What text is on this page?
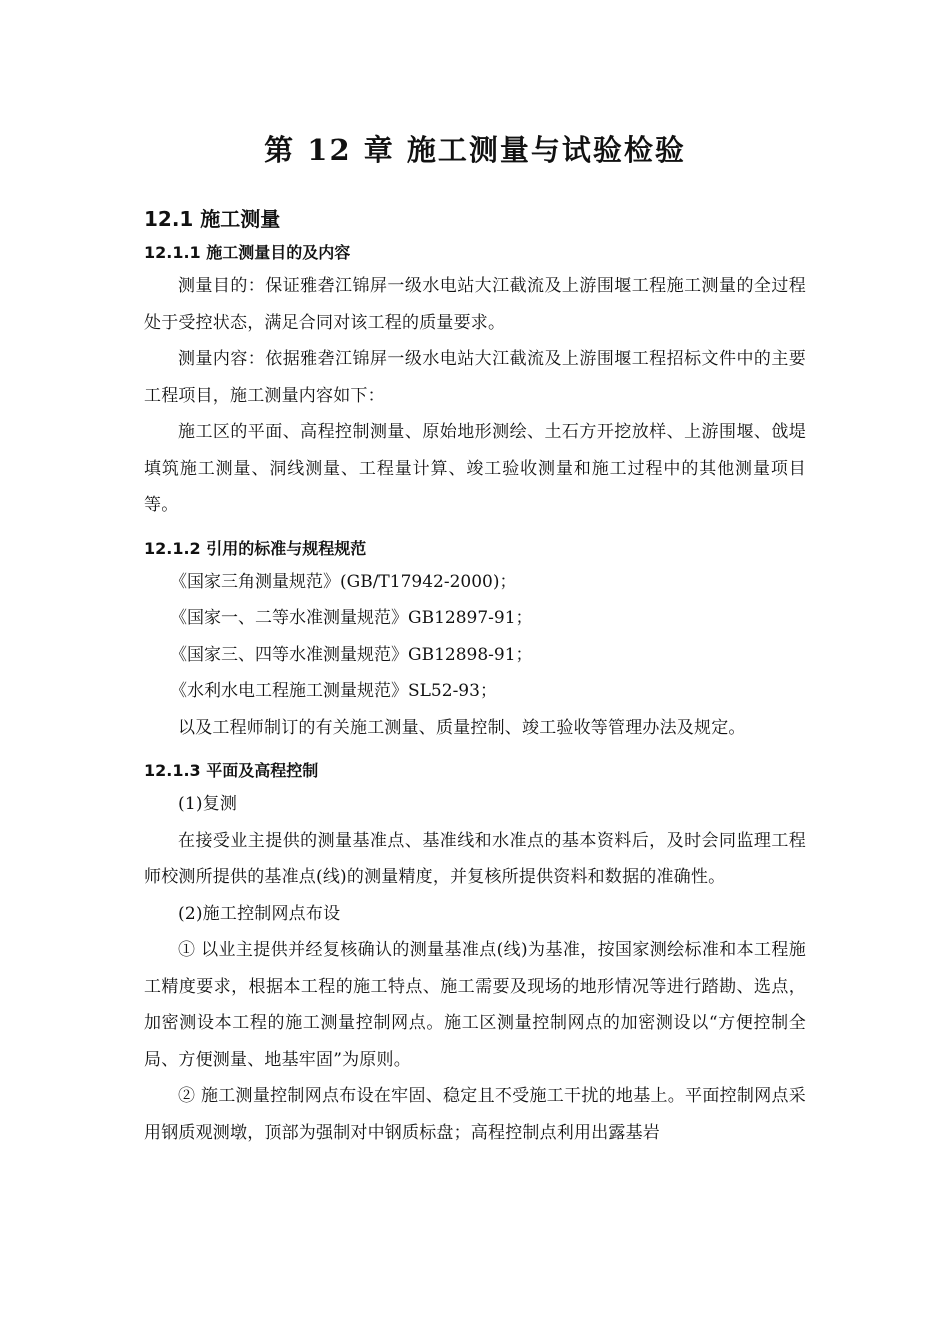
第 12 章 施工测量与试验检验
12.1 施工测量
12.1.1 施工测量目的及内容

测量目的：保证雅砻江锦屏一级水电站大江截流及上游围堰工程施工测量的全过程处于受控状态，满足合同对该工程的质量要求。

测量内容：依据雅砻江锦屏一级水电站大江截流及上游围堰工程招标文件中的主要工程项目，施工测量内容如下：

施工区的平面、高程控制测量、原始地形测绘、土石方开挖放样、上游围堰、戗堤填筑施工测量、洞线测量、工程量计算、竣工验收测量和施工过程中的其他测量项目等。

12.1.2 引用的标准与规程规范
《国家三角测量规范》(GB/T17942-2000)；
《国家一、二等水准测量规范》GB12897-91；
《国家三、四等水准测量规范》GB12898-91；
《水利水电工程施工测量规范》SL52-93；

以及工程师制订的有关施工测量、质量控制、竣工验收等管理办法及规定。

12.1.3 平面及高程控制

(1)复测

在接受业主提供的测量基准点、基准线和水准点的基本资料后，及时会同监理工程师校测所提供的基准点(线)的测量精度，并复核所提供资料和数据的准确性。

(2)施工控制网点布设

① 以业主提供并经复核确认的测量基准点(线)为基准，按国家测绘标准和本工程施工精度要求，根据本工程的施工特点、施工需要及现场的地形情况等进行踏勘、选点，加密测设本工程的施工测量控制网点。施工区测量控制网点的加密测设以“方便控制全局、方便测量、地基牢固”为原则。

② 施工测量控制网点布设在牢固、稳定且不受施工干扰的地基上。平面控制网点采用钢质观测墩，顶部为强制对中钢质标盘；高程控制点利用出露基岩
